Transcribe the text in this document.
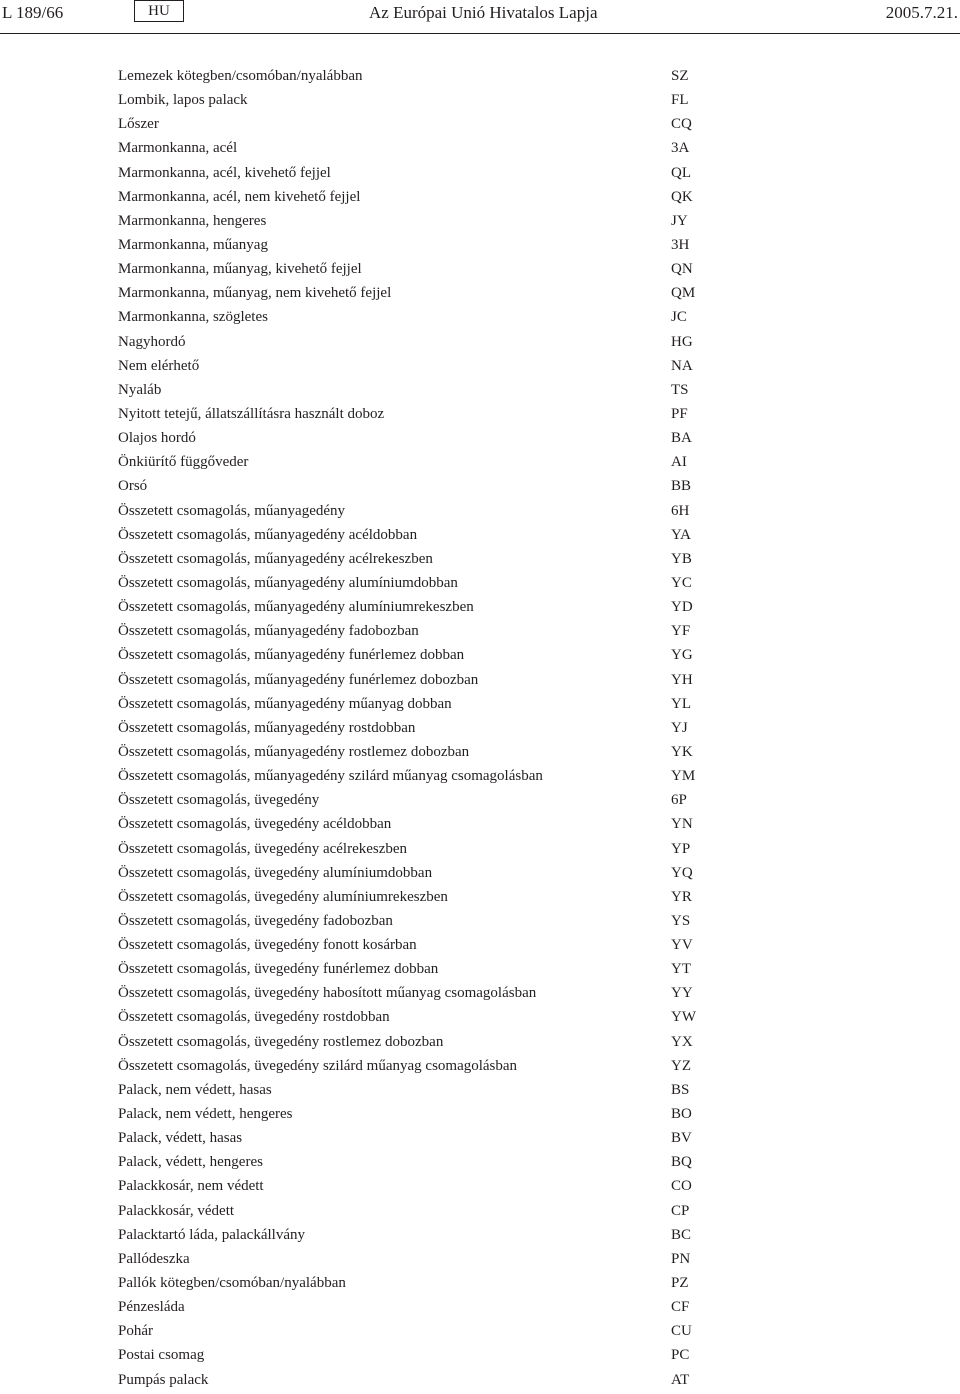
L 189/66	HU	Az Európai Unió Hivatalos Lapja	2005.7.21.
Lemezek kötegben/csomóban/nyalábban	SZ
Lombik, lapos palack	FL
Lőszer	CQ
Marmonkanna, acél	3A
Marmonkanna, acél, kivehető fejjel	QL
Marmonkanna, acél, nem kivehető fejjel	QK
Marmonkanna, hengeres	JY
Marmonkanna, műanyag	3H
Marmonkanna, műanyag, kivehető fejjel	QN
Marmonkanna, műanyag, nem kivehető fejjel	QM
Marmonkanna, szögletes	JC
Nagyhordó	HG
Nem elérhető	NA
Nyaláb	TS
Nyitott tetejű, állatszállításra használt doboz	PF
Olajos hordó	BA
Önkiürítő függőveder	AI
Orsó	BB
Összetett csomagolás, műanyagedény	6H
Összetett csomagolás, műanyagedény acéldobban	YA
Összetett csomagolás, műanyagedény acélrekeszben	YB
Összetett csomagolás, műanyagedény alumíniumdobban	YC
Összetett csomagolás, műanyagedény alumíniumrekeszben	YD
Összetett csomagolás, műanyagedény fadobozban	YF
Összetett csomagolás, műanyagedény funérlemez dobban	YG
Összetett csomagolás, műanyagedény funérlemez dobozban	YH
Összetett csomagolás, műanyagedény műanyag dobban	YL
Összetett csomagolás, műanyagedény rostdobban	YJ
Összetett csomagolás, műanyagedény rostlemez dobozban	YK
Összetett csomagolás, műanyagedény szilárd műanyag csomagolásban	YM
Összetett csomagolás, üvegedény	6P
Összetett csomagolás, üvegedény acéldobban	YN
Összetett csomagolás, üvegedény acélrekeszben	YP
Összetett csomagolás, üvegedény alumíniumdobban	YQ
Összetett csomagolás, üvegedény alumíniumrekeszben	YR
Összetett csomagolás, üvegedény fadobozban	YS
Összetett csomagolás, üvegedény fonott kosárban	YV
Összetett csomagolás, üvegedény funérlemez dobban	YT
Összetett csomagolás, üvegedény habosított műanyag csomagolásban	YY
Összetett csomagolás, üvegedény rostdobban	YW
Összetett csomagolás, üvegedény rostlemez dobozban	YX
Összetett csomagolás, üvegedény szilárd műanyag csomagolásban	YZ
Palack, nem védett, hasas	BS
Palack, nem védett, hengeres	BO
Palack, védett, hasas	BV
Palack, védett, hengeres	BQ
Palackkosár, nem védett	CO
Palackkosár, védett	CP
Palacktartó láda, palackállvány	BC
Pallódeszka	PN
Pallók kötegben/csomóban/nyalábban	PZ
Pénzesláda	CF
Pohár	CU
Postai csomag	PC
Pumpás palack	AT
